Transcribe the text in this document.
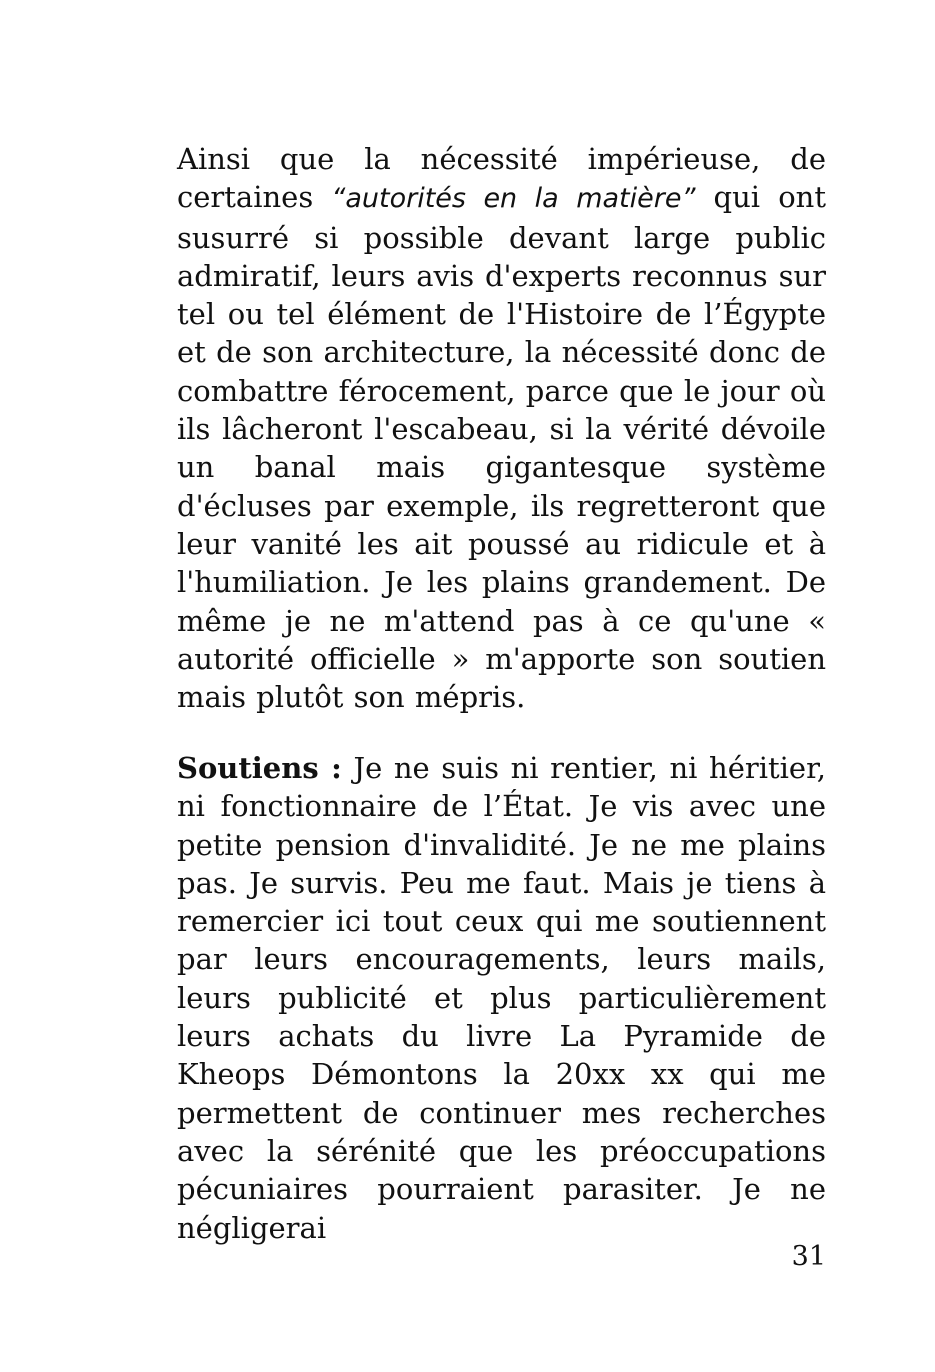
Ainsi que la nécessité impérieuse, de certaines “autorités en la matière” qui ont susurré si possible devant large public admiratif, leurs avis d'experts reconnus sur tel ou tel élément de l'Histoire de l’Égypte et de son architecture, la nécessité donc de combattre férocement, parce que le jour où ils lâcheront l'escabeau, si la vérité dévoile un banal mais gigantesque système d'écluses par exemple, ils regretteront que leur vanité les ait poussé au ridicule et à l'humiliation. Je les plains grandement. De même je ne m'attend pas à ce qu'une « autorité officielle » m'apporte son soutien mais plutôt son mépris.
Soutiens : Je ne suis ni rentier, ni héritier, ni fonctionnaire de l’État. Je vis avec une petite pension d'invalidité. Je ne me plains pas. Je survis. Peu me faut. Mais je tiens à remercier ici tout ceux qui me soutiennent par leurs encouragements, leurs mails, leurs publicité et plus particulièrement leurs achats du livre La Pyramide de Kheops Démontons la 20xx xx qui me permettent de continuer mes recherches avec la sérénité que les préoccupations pécuniaires pourraient parasiter. Je ne négligerai
31
